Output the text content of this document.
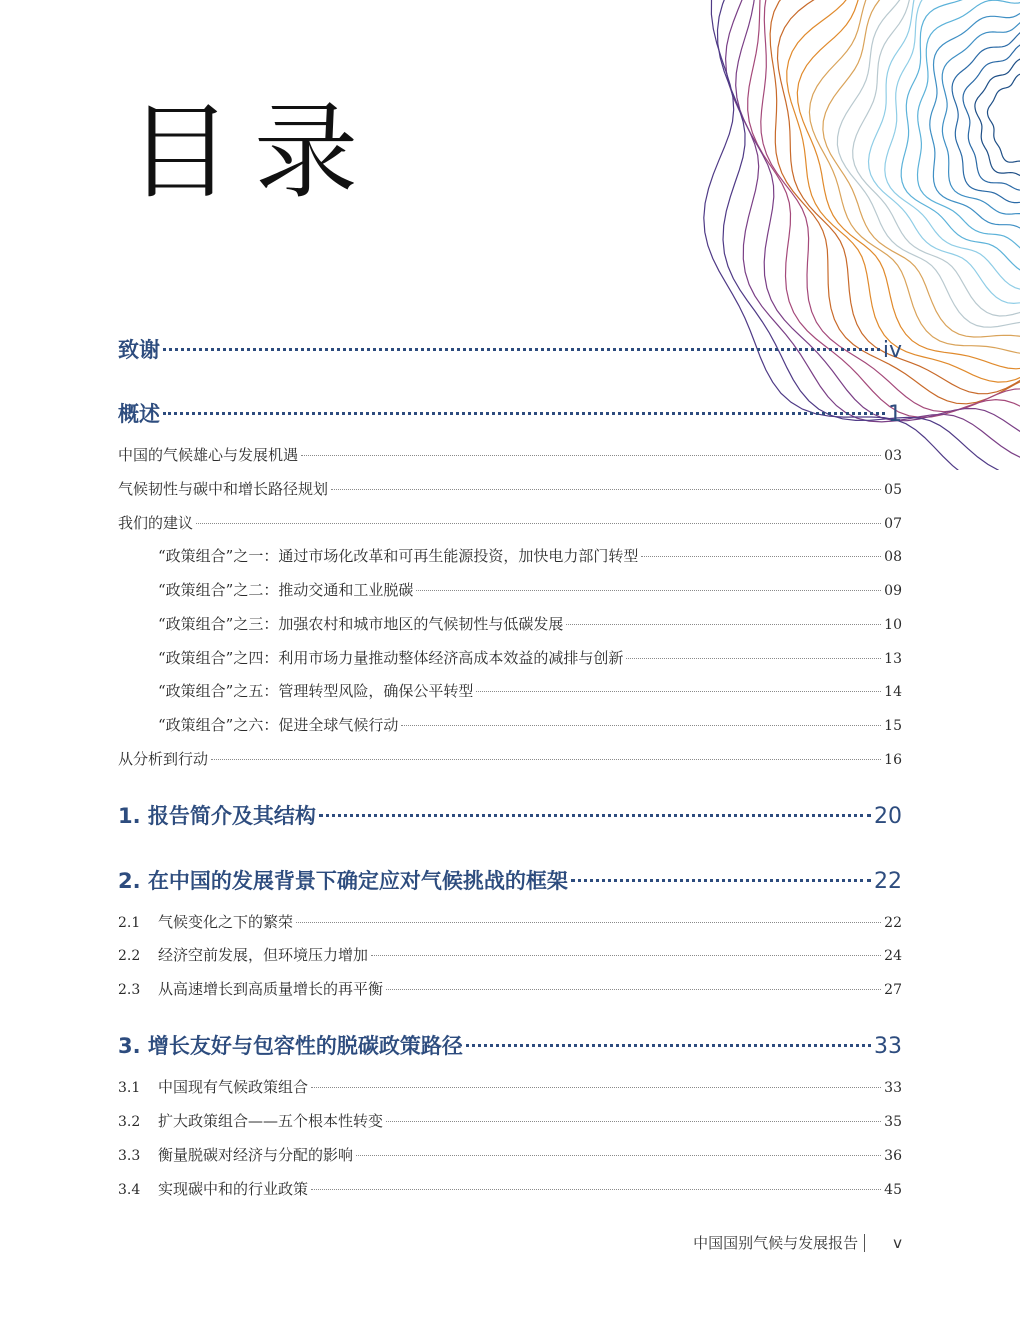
目录
致谢	iv
概述	1
中国的气候雄心与发展机遇	03
气候韧性与碳中和增长路径规划	05
我们的建议	07
“政策组合”之一：通过市场化改革和可再生能源投资，加快电力部门转型	08
“政策组合”之二：推动交通和工业脱碳	09
“政策组合”之三：加强农村和城市地区的气候韧性与低碳发展	10
“政策组合”之四：利用市场力量推动整体经济高成本效益的减排与创新	13
“政策组合”之五：管理转型风险，确保公平转型	14
“政策组合”之六：促进全球气候行动	15
从分析到行动	16
1. 报告简介及其结构	20
2. 在中国的发展背景下确定应对气候挑战的框架	22
2.1	气候变化之下的繁荣	22
2.2	经济空前发展，但环境压力增加	24
2.3	从高速增长到高质量增长的再平衡	27
3. 增长友好与包容性的脱碳政策路径	33
3.1	中国现有气候政策组合	33
3.2	扩大政策组合——五个根本性转变	35
3.3	衡量脱碳对经济与分配的影响	36
3.4	实现碳中和的行业政策	45
中国国别气候与发展报告 v
